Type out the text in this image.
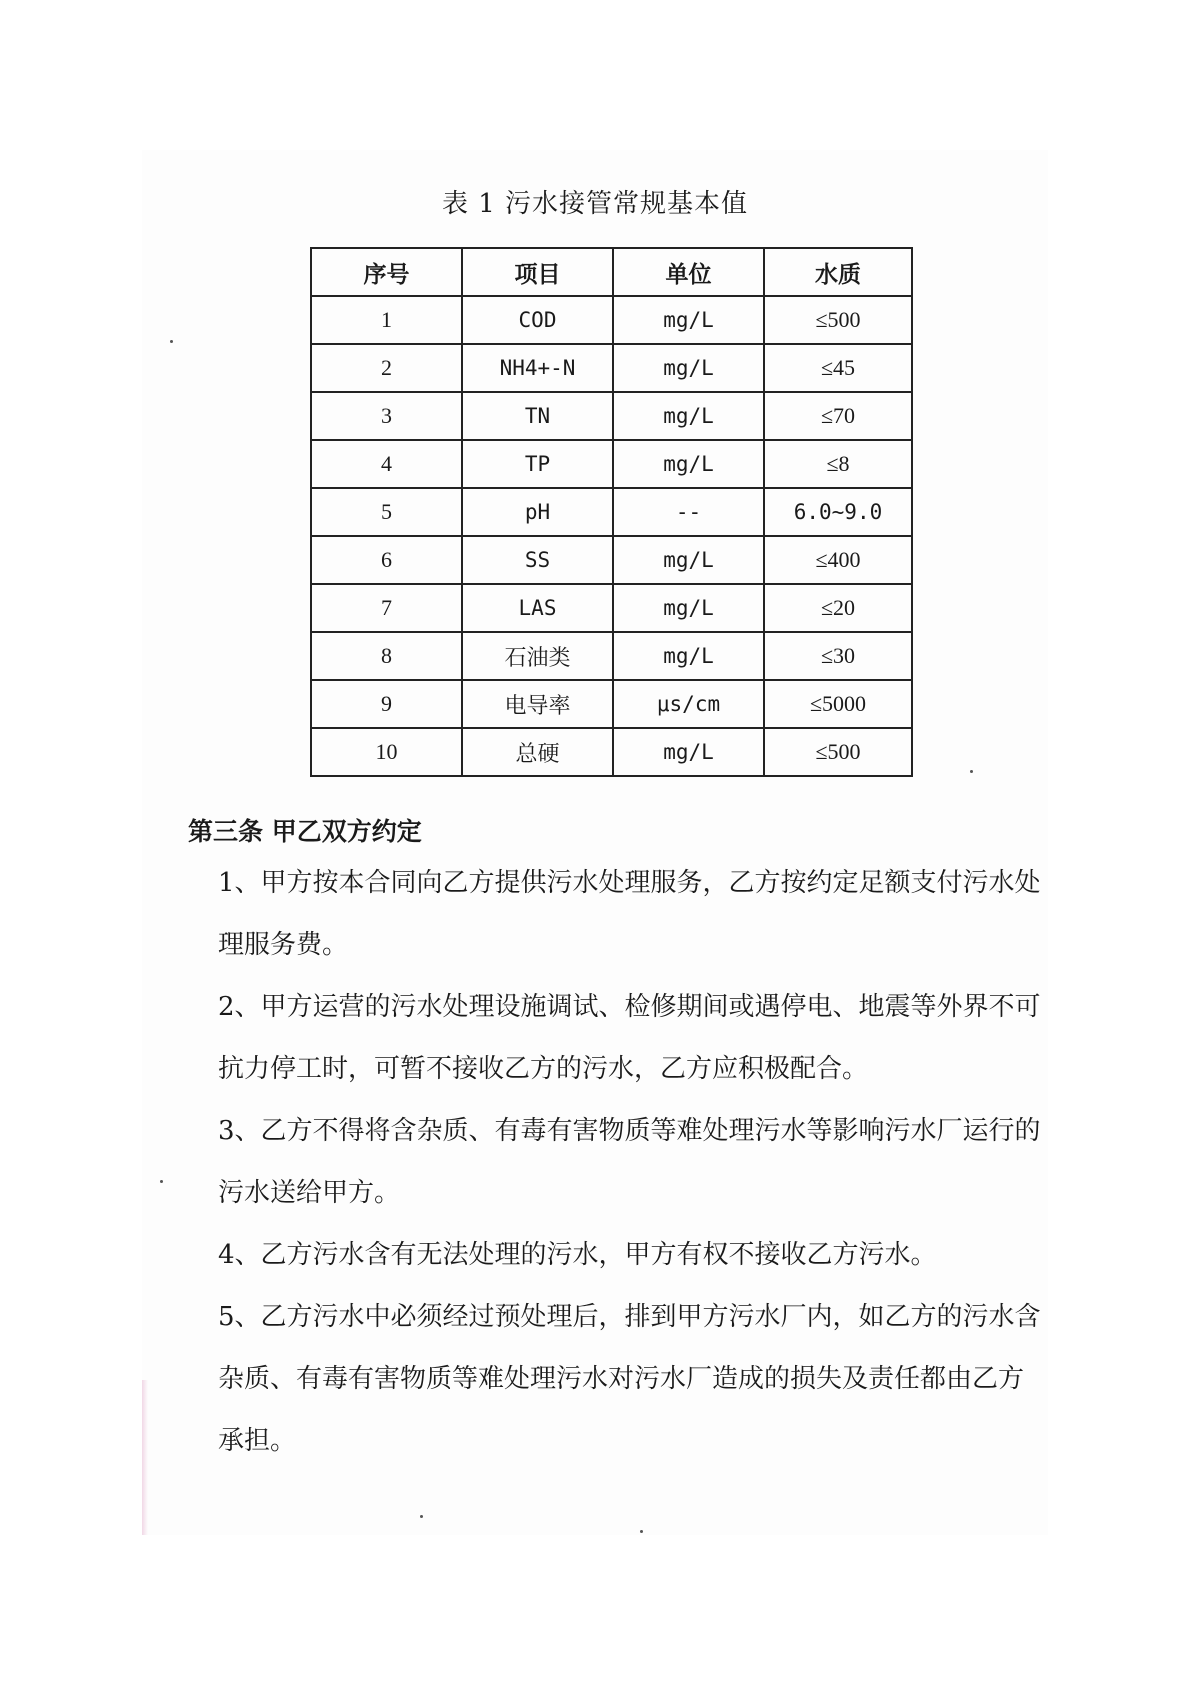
表 1 污水接管常规基本值
序号	项目	单位	水质
1	COD	mg/L	≤500
2	NH4+-N	mg/L	≤45
3	TN	mg/L	≤70
4	TP	mg/L	≤8
5	pH	--	6.0~9.0
6	SS	mg/L	≤400
7	LAS	mg/L	≤20
8	石油类	mg/L	≤30
9	电导率	μs/cm	≤5000
10	总硬	mg/L	≤500
第三条 甲乙双方约定
1、甲方按本合同向乙方提供污水处理服务，乙方按约定足额支付污水处理服务费。
2、甲方运营的污水处理设施调试、检修期间或遇停电、地震等外界不可抗力停工时，可暂不接收乙方的污水，乙方应积极配合。
3、乙方不得将含杂质、有毒有害物质等难处理污水等影响污水厂运行的污水送给甲方。
4、乙方污水含有无法处理的污水，甲方有权不接收乙方污水。
5、乙方污水中必须经过预处理后，排到甲方污水厂内，如乙方的污水含杂质、有毒有害物质等难处理污水对污水厂造成的损失及责任都由乙方承担。
